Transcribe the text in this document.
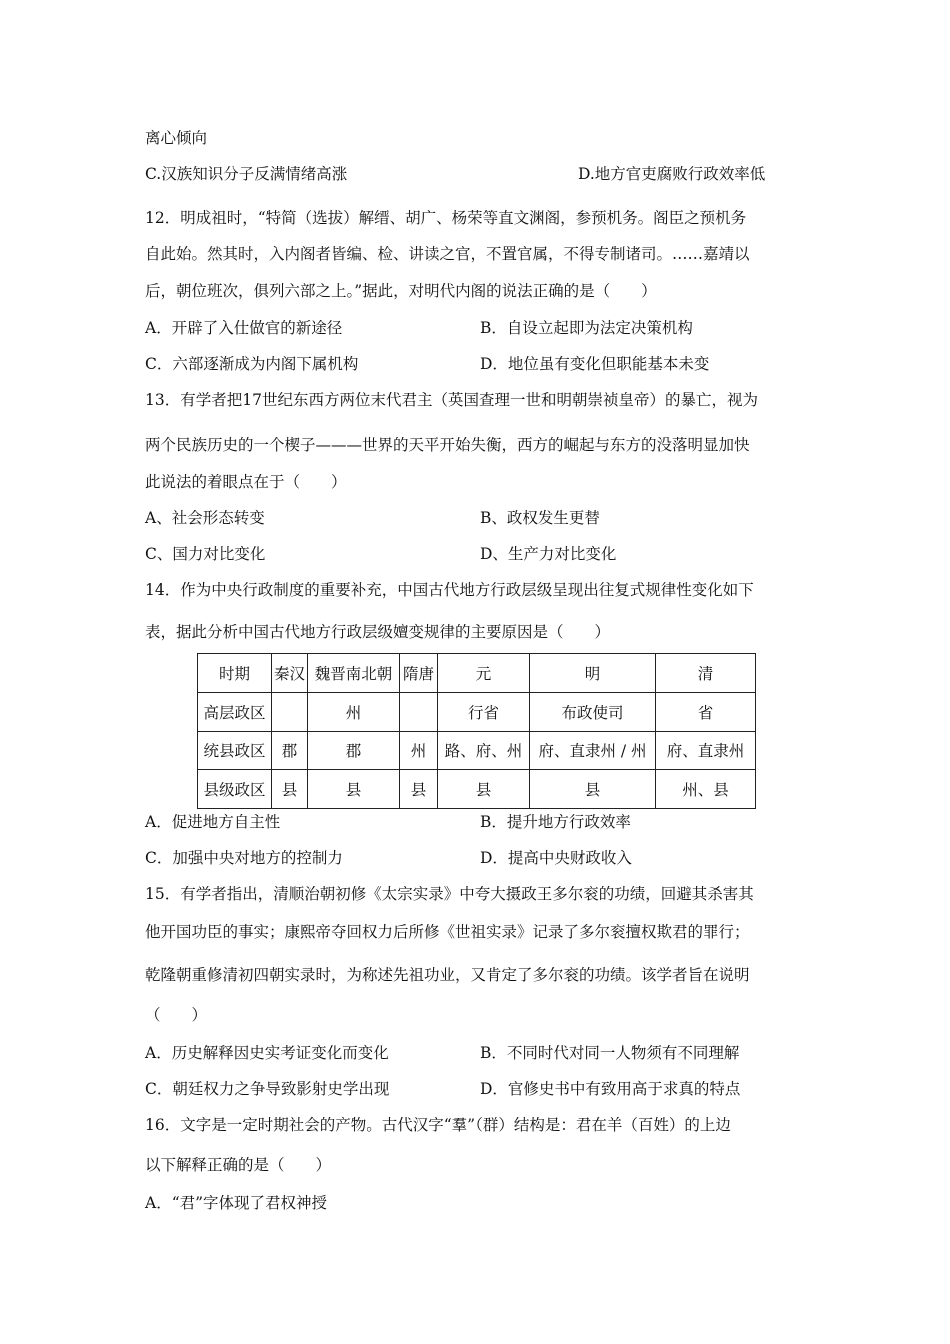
离心倾向
C.汉族知识分子反满情绪高涨	D.地方官吏腐败行政效率低
12．明成祖时，“特简（选拔）解缙、胡广、杨荣等直文渊阁，参预机务。阁臣之预机务
自此始。然其时，入内阁者皆编、检、讲读之官，不置官属，不得专制诸司。……嘉靖以
后，朝位班次，俱列六部之上。”据此，对明代内阁的说法正确的是（　　）
A．开辟了入仕做官的新途径	B．自设立起即为法定决策机构
C．六部逐渐成为内阁下属机构	D．地位虽有变化但职能基本未变
13．有学者把17世纪东西方两位末代君主（英国查理一世和明朝崇祯皇帝）的暴亡，视为
两个民族历史的一个楔子———世界的天平开始失衡，西方的崛起与东方的没落明显加快
此说法的着眼点在于（　　）
A、社会形态转变	B、政权发生更替
C、国力对比变化	D、生产力对比变化
14．作为中央行政制度的重要补充，中国古代地方行政层级呈现出往复式规律性变化如下
表，据此分析中国古代地方行政层级嬗变规律的主要原因是（　　）
时期	秦汉	魏晋南北朝	隋唐	元	明	清
高层政区		州		行省	布政使司	省
统县政区	郡	郡	州	路、府、州	府、直隶州 / 州	府、直隶州
县级政区	县	县	县	县	县	州、县
A．促进地方自主性	B．提升地方行政效率
C．加强中央对地方的控制力	D．提高中央财政收入
15．有学者指出，清顺治朝初修《太宗实录》中夸大摄政王多尔衮的功绩，回避其杀害其
他开国功臣的事实；康熙帝夺回权力后所修《世祖实录》记录了多尔衮擅权欺君的罪行；
乾隆朝重修清初四朝实录时，为称述先祖功业，又肯定了多尔衮的功绩。该学者旨在说明
（　　）
A．历史解释因史实考证变化而变化	B．不同时代对同一人物须有不同理解
C．朝廷权力之争导致影射史学出现	D．官修史书中有致用高于求真的特点
16．文字是一定时期社会的产物。古代汉字“羣”（群）结构是：君在羊（百姓）的上边
以下解释正确的是（　　）
A．“君”字体现了君权神授
